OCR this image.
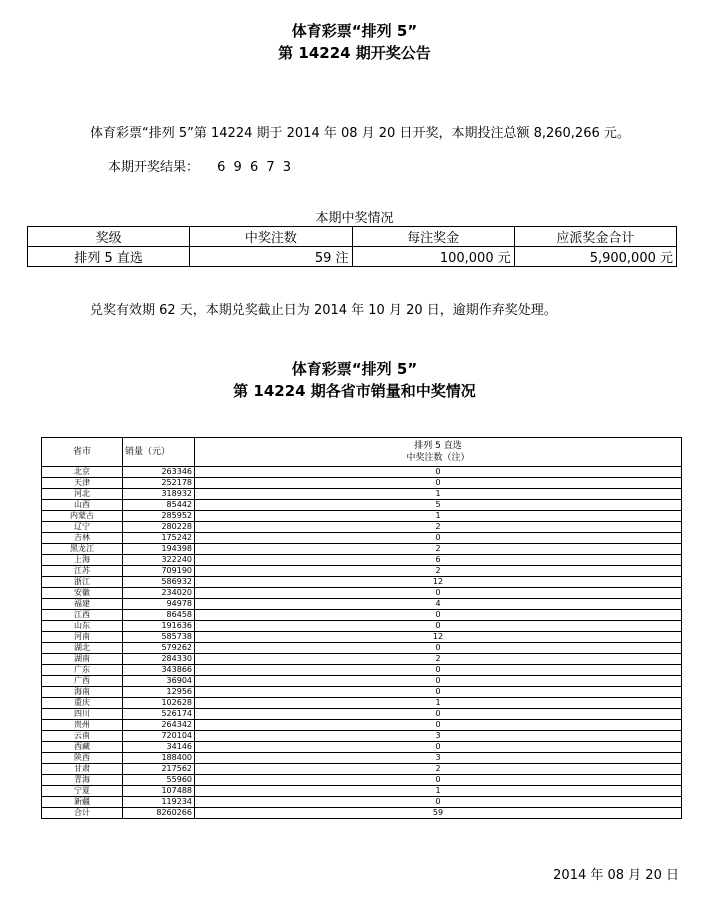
体育彩票“排列 5”
第 14224 期开奖公告
体育彩票“排列 5”第 14224 期于 2014 年 08 月 20 日开奖，本期投注总额 8,260,266 元。
本期开奖结果： 6 9 6 7 3
本期中奖情况
奖级	中奖注数	每注奖金	应派奖金合计
排列 5 直选	59 注	100,000 元	5,900,000 元
兑奖有效期 62 天，本期兑奖截止日为 2014 年 10 月 20 日，逾期作弃奖处理。
体育彩票“排列 5”
第 14224 期各省市销量和中奖情况
省市	销量（元）	排列 5 直选
中奖注数（注）

北京	263346	0
天津	252178	0
河北	318932	1
山西	85442	5
内蒙古	285952	1
辽宁	280228	2
吉林	175242	0
黑龙江	194398	2
上海	322240	6
江苏	709190	2
浙江	586932	12
安徽	234020	0
福建	94978	4
江西	86458	0
山东	191636	0
河南	585738	12
湖北	579262	0
湖南	284330	2
广东	343866	0
广西	36904	0
海南	12956	0
重庆	102628	1
四川	526174	0
贵州	264342	0
云南	720104	3
西藏	34146	0
陕西	188400	3
甘肃	217562	2
青海	55960	0
宁夏	107488	1
新疆	119234	0
合计	8260266	59
2014 年 08 月 20 日
